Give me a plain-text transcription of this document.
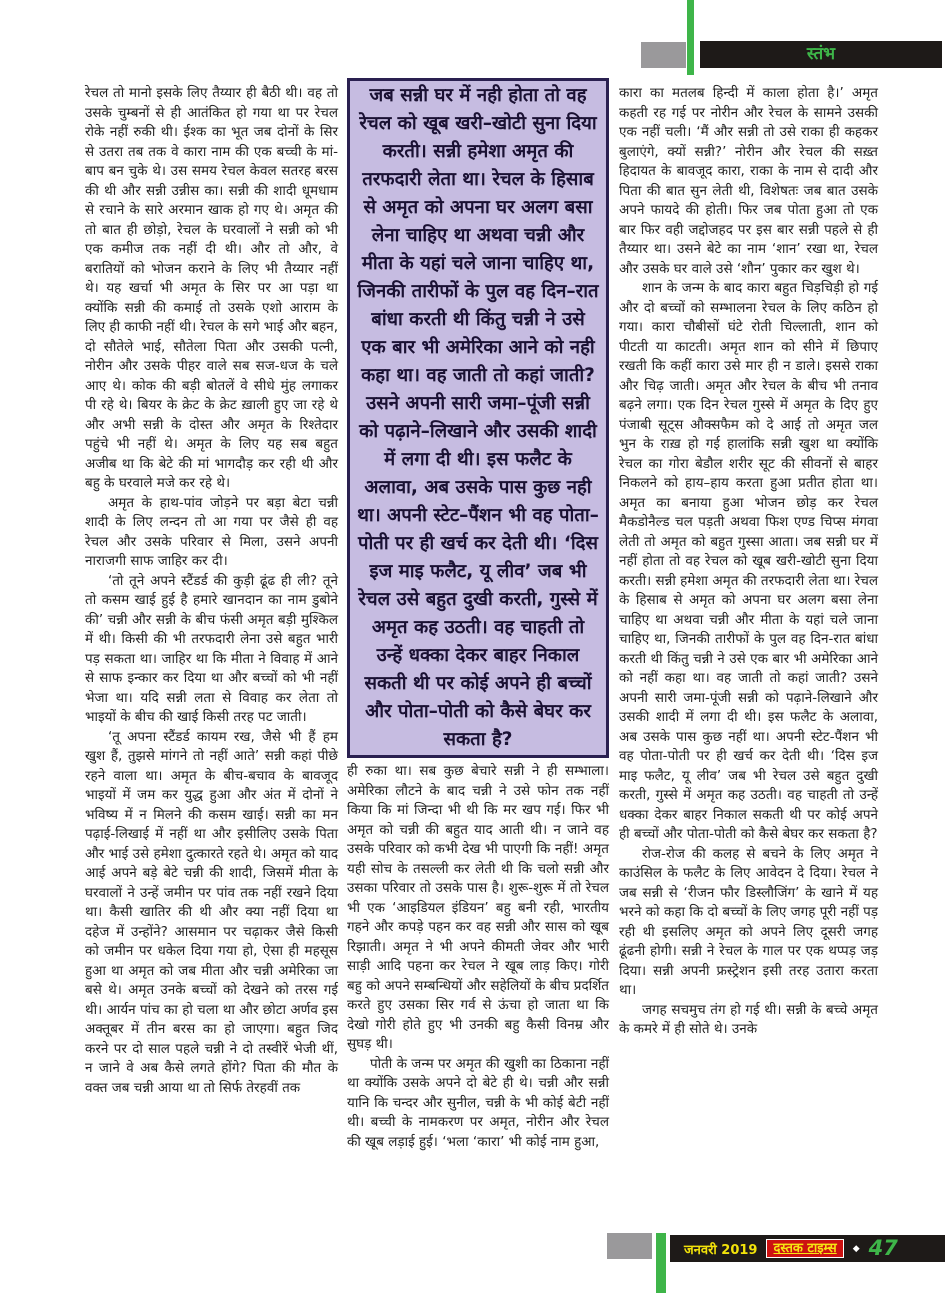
स्तंभ
जब सन्नी घर में नही होता तो वह रेचल को खूब खरी–खोटी सुना दिया करती। सन्नी हमेशा अमृत की तरफदारी लेता था। रेचल के हिसाब से अमृत को अपना घर अलग बसा लेना चाहिए था अथवा चन्नी और मीता के यहां चले जाना चाहिए था, जिनकी तारीफों के पुल वह दिन–रात बांधा करती थी किंतु चन्नी ने उसे एक बार भी अमेरिका आने को नही कहा था। वह जाती तो कहां जाती? उसने अपनी सारी जमा–पूंजी सन्नी को पढ़ाने–लिखाने और उसकी शादी में लगा दी थी। इस फलैट के अलावा, अब उसके पास कुछ नही था। अपनी स्टेट–पैंशन भी वह पोता–पोती पर ही खर्च कर देती थी। ‘दिस इज माइ फलैट, यू लीव’ जब भी रेचल उसे बहुत दुखी करती, गुस्से में अमृत कह उठती। वह चाहती तो उन्हें धक्का देकर बाहर निकाल सकती थी पर कोई अपने ही बच्चों और पोता–पोती को कैसे बेघर कर सकता है?

रेचल तो मानो इसके लिए तैय्यार ही बैठी थी। वह तो उसके चुम्बनों से ही आतंकित हो गया था पर रेचल रोके नहीं रुकी थी। ईश्क का भूत जब दोनों के सिर से उतरा तब तक वे कारा नाम की एक बच्ची के मां-बाप बन चुके थे। उस समय रेचल केवल सतरह बरस की थी और सन्नी उन्नीस का। सन्नी की शादी धूमधाम से रचाने के सारे अरमान खाक हो गए थे। अमृत की तो बात ही छोड़ो, रेचल के घरवालों ने सन्नी को भी एक कमीज तक नहीं दी थी। और तो और, वे बरातियों को भोजन कराने के लिए भी तैय्यार नहीं थे। यह खर्चा भी अमृत के सिर पर आ पड़ा था क्योंकि सन्नी की कमाई तो उसके एशो आराम के लिए ही काफी नहीं थी। रेचल के सगे भाई और बहन, दो सौतेले भाई, सौतेला पिता और उसकी पत्नी, नोरीन और उसके पीहर वाले सब सज-धज के चले आए थे। कोक की बड़ी बोतलें वे सीधे मुंह लगाकर पी रहे थे। बियर के क्रेट के क्रेट ख़ाली हुए जा रहे थे और अभी सन्नी के दोस्त और अमृत के रिश्तेदार पहुंचे भी नहीं थे। अमृत के लिए यह सब बहुत अजीब था कि बेटे की मां भागदौड़ कर रही थी और बहु के घरवाले मजे कर रहे थे।

अमृत के हाथ-पांव जोड़ने पर बड़ा बेटा चन्नी शादी के लिए लन्दन तो आ गया पर जैसे ही वह रेचल और उसके परिवार से मिला, उसने अपनी नाराजगी साफ जाहिर कर दी।

‘तो तूने अपने स्टैंडर्ड की कुड़ी ढूंढ ही ली? तूने तो कसम खाई हुई है हमारे खानदान का नाम डुबोने की’ चन्नी और सन्नी के बीच फंसी अमृत बड़ी मुश्किल में थी। किसी की भी तरफदारी लेना उसे बहुत भारी पड़ सकता था। जाहिर था कि मीता ने विवाह में आने से साफ इन्कार कर दिया था और बच्चों को भी नहीं भेजा था। यदि सन्नी लता से विवाह कर लेता तो भाइयों के बीच की खाई किसी तरह पट जाती।

‘तू अपना स्टैंडर्ड कायम रख, जैसे भी हैं हम खुश हैं, तुझसे मांगने तो नहीं आते’ सन्नी कहां पीछे रहने वाला था। अमृत के बीच-बचाव के बावजूद भाइयों में जम कर युद्ध हुआ और अंत में दोनों ने भविष्य में न मिलने की कसम खाई। सन्नी का मन पढ़ाई-लिखाई में नहीं था और इसीलिए उसके पिता और भाई उसे हमेशा दुत्कारते रहते थे। अमृत को याद आई अपने बड़े बेटे चन्नी की शादी, जिसमें मीता के घरवालों ने उन्हें जमीन पर पांव तक नहीं रखने दिया था। कैसी खातिर की थी और क्या नहीं दिया था दहेज में उन्होंने? आसमान पर चढ़ाकर जैसे किसी को जमीन पर धकेल दिया गया हो, ऐसा ही महसूस हुआ था अमृत को जब मीता और चन्नी अमेरिका जा बसे थे। अमृत उनके बच्चों को देखने को तरस गई थी। आर्यन पांच का हो चला था और छोटा अर्णव इस अक्तूबर में तीन बरस का हो जाएगा। बहुत जिद करने पर दो साल पहले चन्नी ने दो तस्वीरें भेजी थीं, न जाने वे अब कैसे लगते होंगे? पिता की मौत के वक्त जब चन्नी आया था तो सिर्फ तेरहवीं तक

ही रुका था। सब कुछ बेचारे सन्नी ने ही सम्भाला। अमेरिका लौटने के बाद चन्नी ने उसे फोन तक नहीं किया कि मां जिन्दा भी थी कि मर खप गई। फिर भी अमृत को चन्नी की बहुत याद आती थी। न जाने वह उसके परिवार को कभी देख भी पाएगी कि नहीं! अमृत यही सोच के तसल्ली कर लेती थी कि चलो सन्नी और उसका परिवार तो उसके पास है। शुरू-शुरू में तो रेचल भी एक ‘आइडियल इंडियन’ बहु बनी रही, भारतीय गहने और कपड़े पहन कर वह सन्नी और सास को खूब रिझाती। अमृत ने भी अपने कीमती जेवर और भारी साड़ी आदि पहना कर रेचल ने खूब लाड़ किए। गोरी बहु को अपने सम्बन्धियों और सहेलियों के बीच प्रदर्शित करते हुए उसका सिर गर्व से ऊंचा हो जाता था कि देखो गोरी होते हुए भी उनकी बहु कैसी विनम्र और सुघड़ थी।

पोती के जन्म पर अमृत की खुशी का ठिकाना नहीं था क्योंकि उसके अपने दो बेटे ही थे। चन्नी और सन्नी यानि कि चन्दर और सुनील, चन्नी के भी कोई बेटी नहीं थी। बच्ची के नामकरण पर अमृत, नोरीन और रेचल की खूब लड़ाई हुई। ‘भला ‘कारा’ भी कोई नाम हुआ,

कारा का मतलब हिन्दी में काला होता है।’ अमृत कहती रह गई पर नोरीन और रेचल के सामने उसकी एक नहीं चली। ‘मैं और सन्नी तो उसे राका ही कहकर बुलाएंगे, क्यों सन्नी?’ नोरीन और रेचल की सख़्त हिदायत के बावजूद कारा, राका के नाम से दादी और पिता की बात सुन लेती थी, विशेषतः जब बात उसके अपने फायदे की होती। फिर जब पोता हुआ तो एक बार फिर वही जद्दोजहद पर इस बार सन्नी पहले से ही तैय्यार था। उसने बेटे का नाम ‘शान’ रखा था, रेचल और उसके घर वाले उसे ‘शौन’ पुकार कर खुश थे।

शान के जन्म के बाद कारा बहुत चिड़चिड़ी हो गई और दो बच्चों को सम्भालना रेचल के लिए कठिन हो गया। कारा चौबीसों घंटे रोती चिल्लाती, शान को पीटती या काटती। अमृत शान को सीने में छिपाए रखती कि कहीं कारा उसे मार ही न डाले। इससे राका और चिढ़ जाती। अमृत और रेचल के बीच भी तनाव बढ़ने लगा। एक दिन रेचल गुस्से में अमृत के दिए हुए पंजाबी सूट्स औक्सफैम को दे आई तो अमृत जल भुन के राख़ हो गई हालांकि सन्नी खुश था क्योंकि रेचल का गोरा बेडौल शरीर सूट की सीवनों से बाहर निकलने को हाय–हाय करता हुआ प्रतीत होता था। अमृत का बनाया हुआ भोजन छोड़ कर रेचल मैकडोनैल्ड चल पड़ती अथवा फिश एण्ड चिप्स मंगवा लेती तो अमृत को बहुत गुस्सा आता। जब सन्नी घर में नहीं होता तो वह रेचल को खूब खरी-खोटी सुना दिया करती। सन्नी हमेशा अमृत की तरफदारी लेता था। रेचल के हिसाब से अमृत को अपना घर अलग बसा लेना चाहिए था अथवा चन्नी और मीता के यहां चले जाना चाहिए था, जिनकी तारीफों के पुल वह दिन-रात बांधा करती थी किंतु चन्नी ने उसे एक बार भी अमेरिका आने को नहीं कहा था। वह जाती तो कहां जाती? उसने अपनी सारी जमा-पूंजी सन्नी को पढ़ाने-लिखाने और उसकी शादी में लगा दी थी। इस फलैट के अलावा, अब उसके पास कुछ नहीं था। अपनी स्टेट-पैंशन भी वह पोता-पोती पर ही खर्च कर देती थी। ‘दिस इज माइ फलैट, यू लीव’ जब भी रेचल उसे बहुत दुखी करती, गुस्से में अमृत कह उठती। वह चाहती तो उन्हें धक्का देकर बाहर निकाल सकती थी पर कोई अपने ही बच्चों और पोता-पोती को कैसे बेघर कर सकता है?

रोज-रोज की कलह से बचने के लिए अमृत ने काउंसिल के फलैट के लिए आवेदन दे दिया। रेचल ने जब सन्नी से ‘रीजन फौर डिस्लौजिंग’ के खाने में यह भरने को कहा कि दो बच्चों के लिए जगह पूरी नहीं पड़ रही थी इसलिए अमृत को अपने लिए दूसरी जगह ढूंढनी होगी। सन्नी ने रेचल के गाल पर एक थप्पड़ जड़ दिया। सन्नी अपनी फ्रस्ट्रेशन इसी तरह उतारा करता था।

जगह सचमुच तंग हो गई थी। सन्नी के बच्चे अमृत के कमरे में ही सोते थे। उनके

जनवरी 2019	दस्तक टाइम्स	◆ 47
